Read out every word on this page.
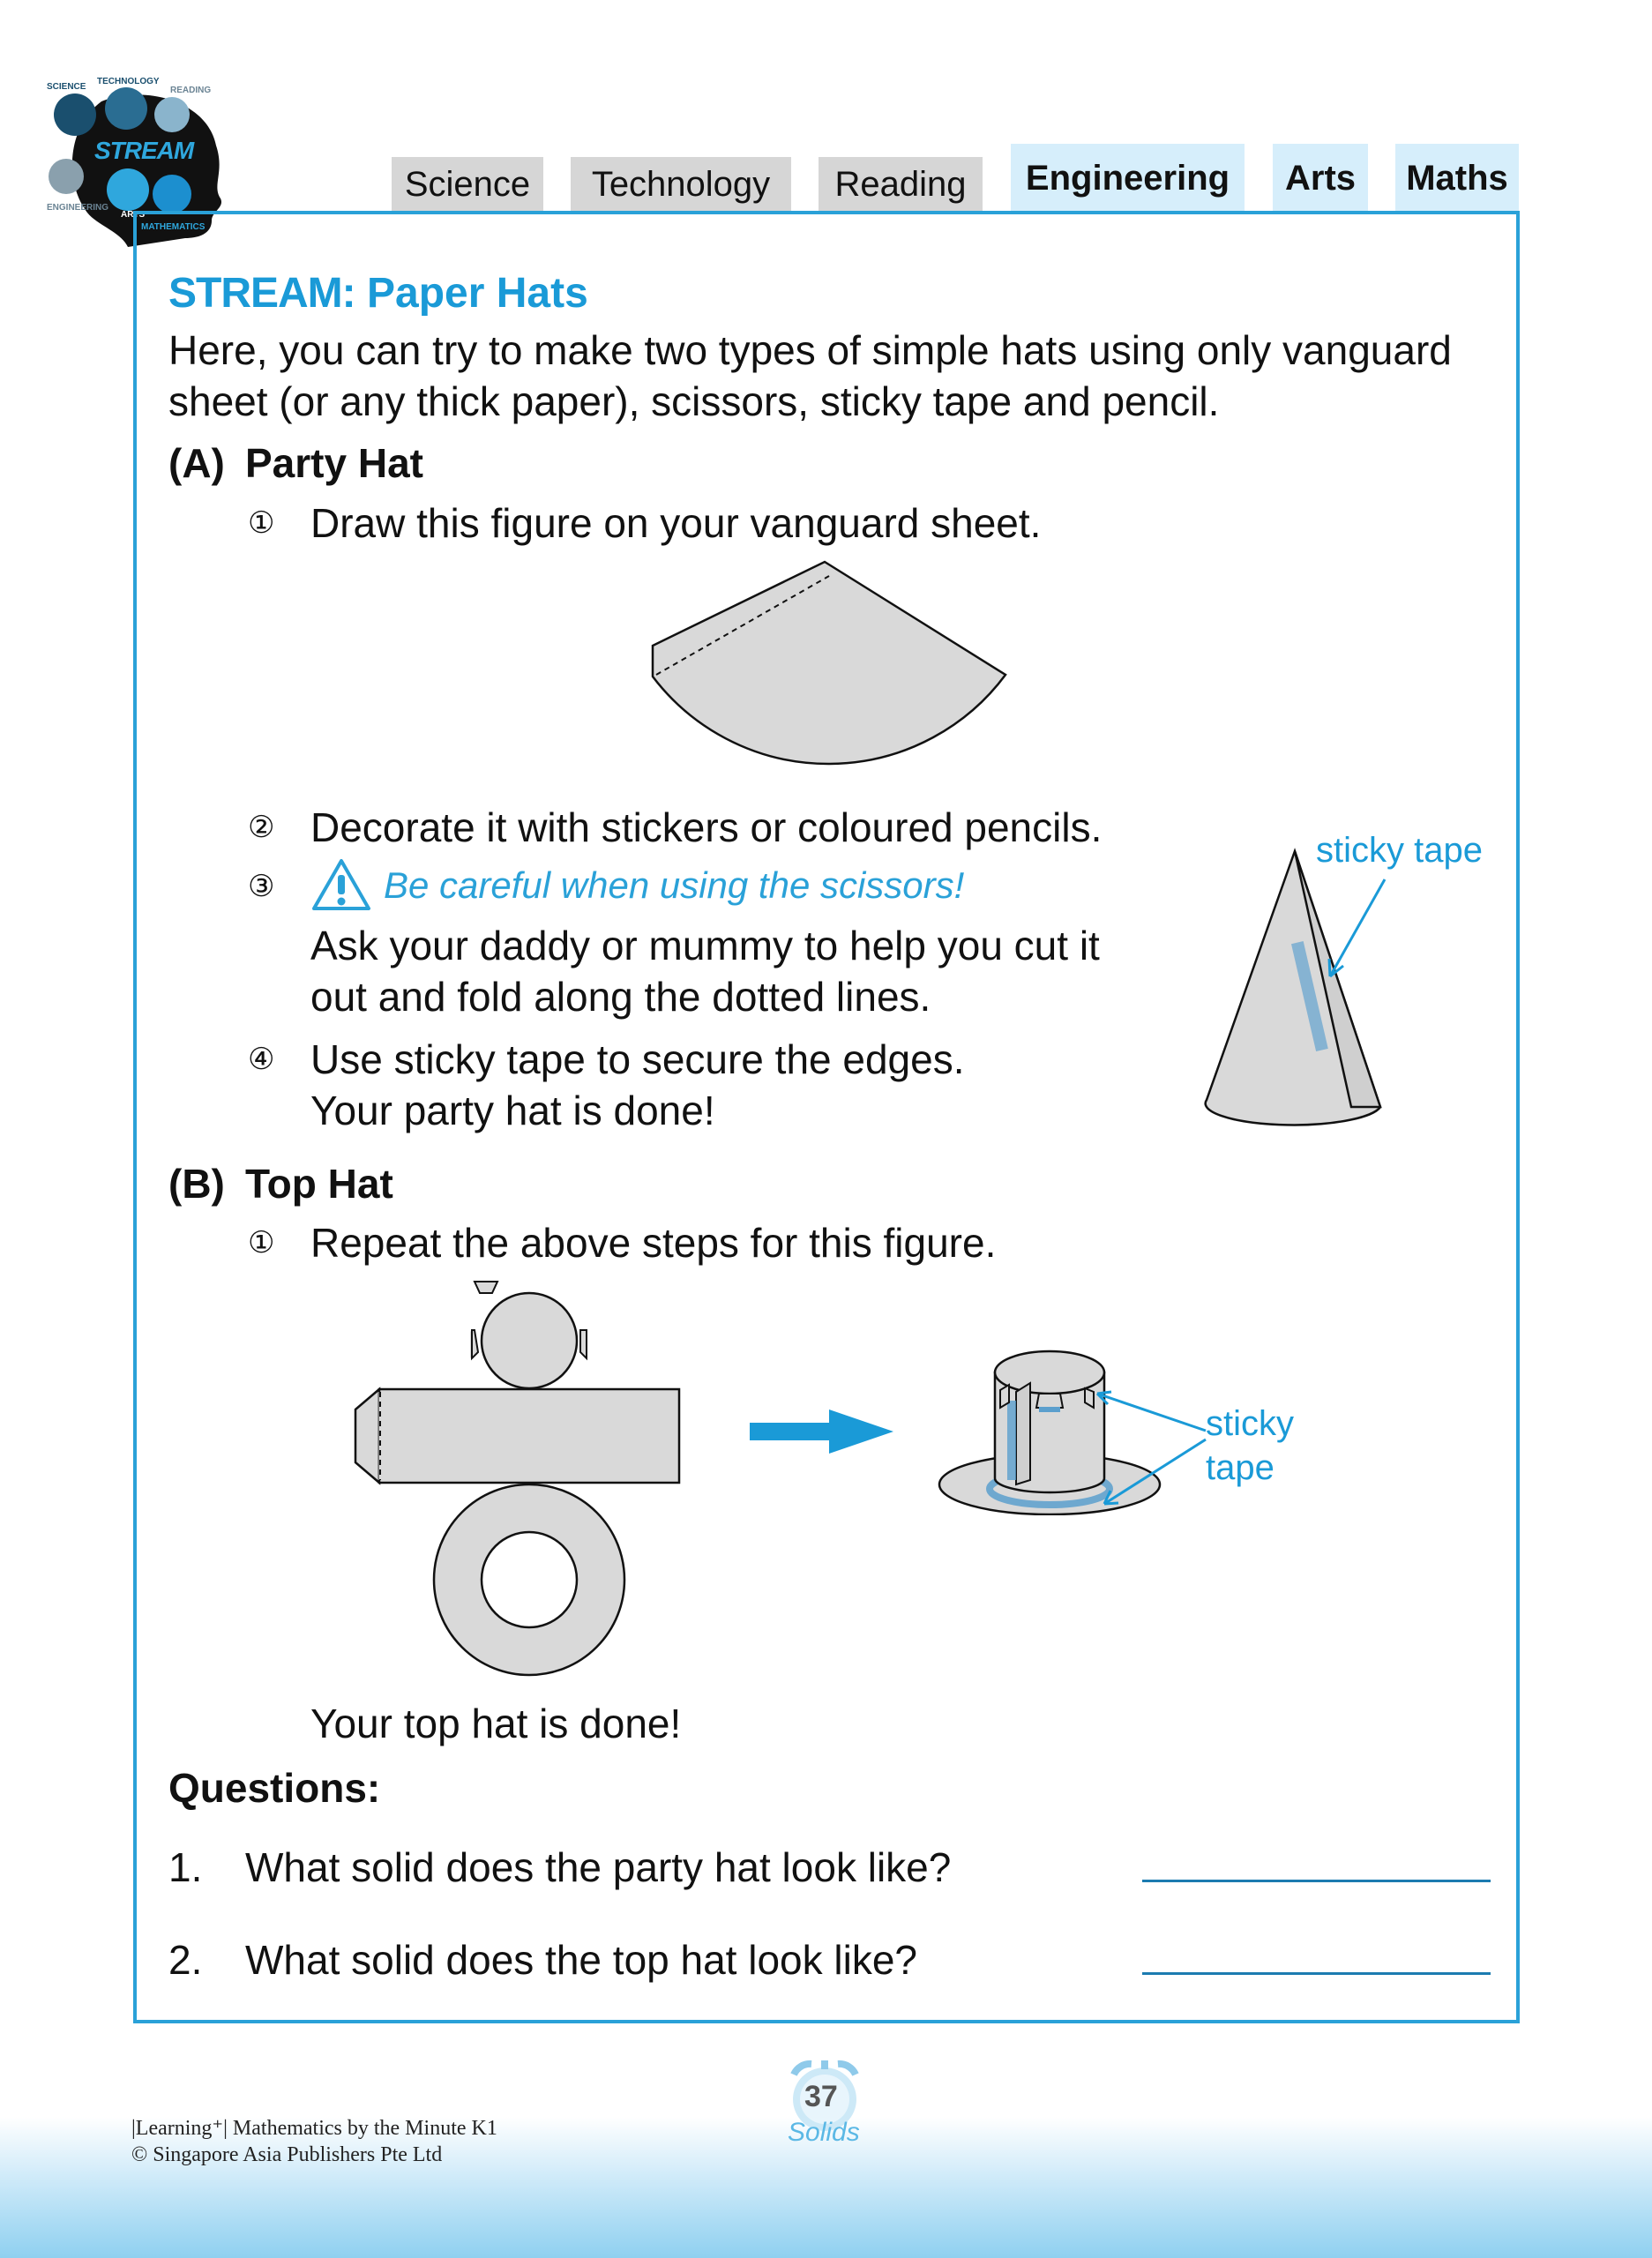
SCIENCE
TECHNOLOGY
READING
ENGINEERING
ARTS
MATHEMATICS
STREAM
Science	Technology	Reading	Engineering	Arts	Maths
STREAM: Paper Hats
Here, you can try to make two types of simple hats using only vanguard sheet (or any thick paper), scissors, sticky tape and pencil.
(A) Party Hat
① Draw this figure on your vanguard sheet.
② Decorate it with stickers or coloured pencils.
③	Be careful when using the scissors!
Ask your daddy or mummy to help you cut it
out and fold along the dotted lines.
④ Use sticky tape to secure the edges.
Your party hat is done!
sticky tape
(B) Top Hat
① Repeat the above steps for this figure.
sticky
tape
Your top hat is done!
Questions:
1. What solid does the party hat look like?
2. What solid does the top hat look like?
37
Solids
|Learning⁺| Mathematics by the Minute K1
© Singapore Asia Publishers Pte Ltd
